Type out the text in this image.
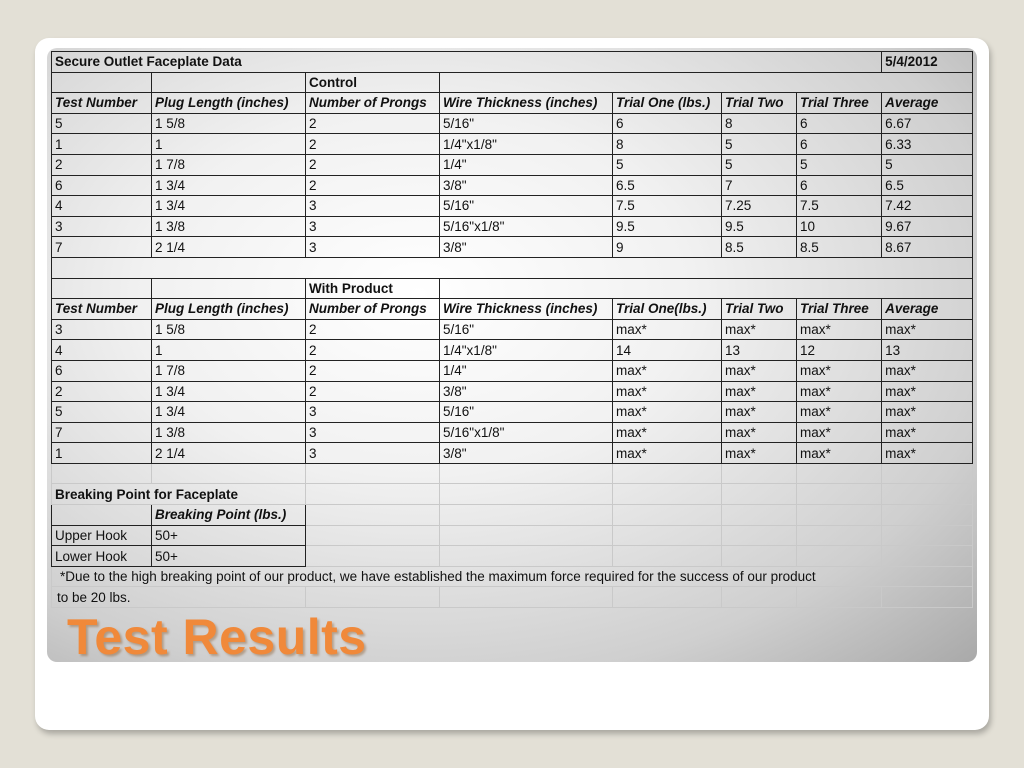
Secure Outlet Faceplate Data							5/4/2012
		Control					
Test Number	Plug Length (inches)	Number of Prongs	Wire Thickness (inches)	Trial One (lbs.)	Trial Two	Trial Three	Average
5	1 5/8	2	5/16"	6	8	6	6.67
1	1	2	1/4"x1/8"	8	5	6	6.33
2	1 7/8	2	1/4"	5	5	5	5
6	1 3/4	2	3/8"	6.5	7	6	6.5
4	1 3/4	3	5/16"	7.5	7.25	7.5	7.42
3	1 3/8	3	5/16"x1/8"	9.5	9.5	10	9.67
7	2 1/4	3	3/8"	9	8.5	8.5	8.67

		With Product					
Test Number	Plug Length (inches)	Number of Prongs	Wire Thickness (inches)	Trial One(lbs.)	Trial Two	Trial Three	Average
3	1 5/8	2	5/16"	max*	max*	max*	max*
4	1	2	1/4"x1/8"	14	13	12	13
6	1 7/8	2	1/4"	max*	max*	max*	max*
2	1 3/4	2	3/8"	max*	max*	max*	max*
5	1 3/4	3	5/16"	max*	max*	max*	max*
7	1 3/8	3	5/16"x1/8"	max*	max*	max*	max*
1	2 1/4	3	3/8"	max*	max*	max*	max*

Breaking Point for Faceplate							
	Breaking Point (lbs.)						
Upper Hook	50+						
Lower Hook	50+						
*Due to the high breaking point of our product, we have established the maximum force required for the success of our product							
to be 20 lbs.							
Test Results
